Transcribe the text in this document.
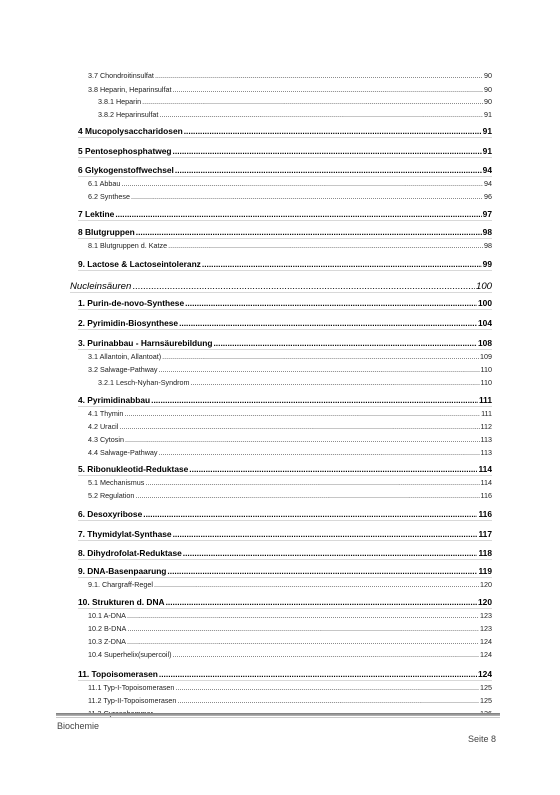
3.7 Chondroitinsulfat .....	90
3.8 Heparin, Heparinsulfat .....	90
3.8.1 Heparin .....	90
3.8.2 Heparinsulfat .....	91
4 Mucopolysaccharidosen .....	91
5 Pentosephosphatweg .....	91
6 Glykogenstoffwechsel .....	94
6.1 Abbau .....	94
6.2 Synthese .....	96
7 Lektine .....	97
8 Blutgruppen .....	98
8.1 Blutgruppen d. Katze .....	98
9. Lactose & Lactoseintoleranz .....	99
Nucleinsäuren .....	100
1. Purin-de-novo-Synthese .....	100
2. Pyrimidin-Biosynthese .....	104
3. Purinabbau - Harnsäurebildung .....	108
3.1 Allantoin, Allantoat) .....	109
3.2 Salwage-Pathway .....	110
3.2.1 Lesch-Nyhan-Syndrom .....	110
4. Pyrimidinabbau .....	111
4.1 Thymin .....	111
4.2 Uracil .....	112
4.3 Cytosin .....	113
4.4 Salwage-Pathway .....	113
5. Ribonukleotid-Reduktase .....	114
5.1 Mechanismus .....	114
5.2 Regulation .....	116
6. Desoxyribose .....	116
7. Thymidylat-Synthase .....	117
8. Dihydrofolat-Reduktase .....	118
9. DNA-Basenpaarung .....	119
9.1. Chargraff-Regel .....	120
10. Strukturen d. DNA .....	120
10.1 A-DNA .....	123
10.2 B-DNA .....	123
10.3 Z-DNA .....	124
10.4 Superhelix(supercoil) .....	124
11. Topoisomerasen .....	124
11.1 Typ-I-Topoisomerasen .....	125
11.2 Typ-II-Topoisomerasen .....	125
.....
Biochemie
Seite 8
